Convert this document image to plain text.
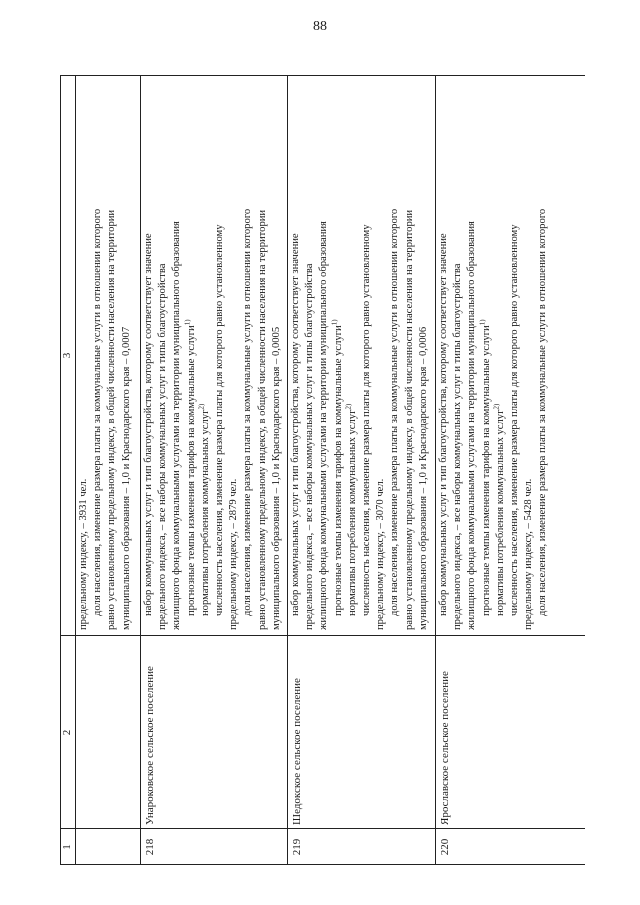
88
1
2
3

предельному индексу, – 3931 чел. доля населения, изменение размера платы за коммунальные услуги в отношении которого равно установленному предельному индексу, в общей численности населения на территории муниципального образования – 1,0 и Краснодарского края – 0,0007

218
Унароковское сельское поселение

набор коммунальных услуг и тип благоустройства, которому соответствует значение предельного индекса, – все наборы коммунальных услуг и типы благоустройства жилищного фонда коммунальными услугами на территории муниципального образования прогнозные темпы изменения тарифов на коммунальные услуги$^{1)}$

нормативы потребления коммунальных услуг$^{2)}$ численность населения, изменение размера платы для которого равно установленному предельному индексу, – 2879 чел. доля населения, изменение размера платы за коммунальные услуги в отношении которого равно установленному предельному индексу, в общей численности населения на территории муниципального образования – 1,0 и Краснодарского края – 0,0005

219
Шедокское сельское поселение

набор коммунальных услуг и тип благоустройства, которому соответствует значение предельного индекса, – все наборы коммунальных услуг и типы благоустройства жилищного фонда коммунальными услугами на территории муниципального образования прогнозные темпы изменения тарифов на коммунальные услуги$^{1)}$

нормативы потребления коммунальных услуг$^{2)}$ численность населения, изменение размера платы для которого равно установленному предельному индексу, – 3070 чел. доля населения, изменение размера платы за коммунальные услуги в отношении которого равно установленному предельному индексу, в общей численности населения на территории муниципального образования – 1,0 и Краснодарского края – 0,0006

220
Ярославское сельское поселение

набор коммунальных услуг и тип благоустройства, которому соответствует значение предельного индекса, – все наборы коммунальных услуг и типы благоустройства жилищного фонда коммунальными услугами на территории муниципального образования прогнозные темпы изменения тарифов на коммунальные услуги$^{1)}$

нормативы потребления коммунальных услуг$^{2)}$ численность населения, изменение размера платы для которого равно установленному предельному индексу, – 5428 чел. доля населения, изменение размера платы за коммунальные услуги в отношении которого
